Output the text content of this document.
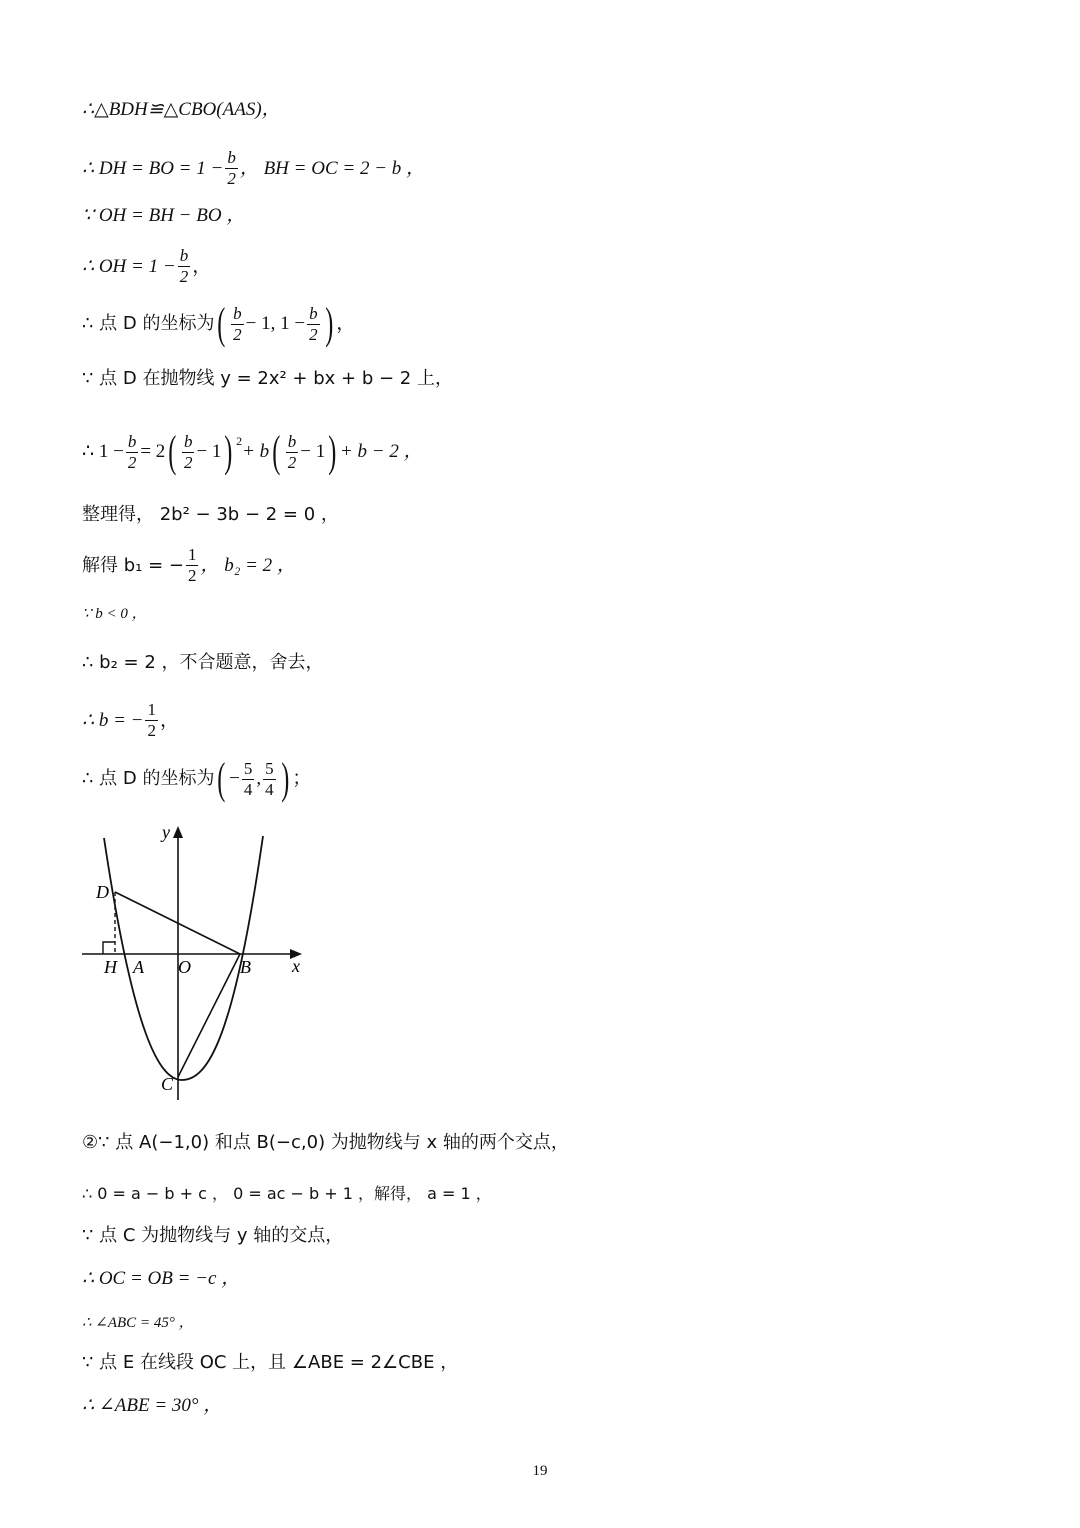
∴△BDH≌△CBO(AAS)，
∴ DH = BO = $1 - \frac{b}{2}$ ， BH = OC = 2 − b ，
∵ OH = BH − BO ，
∴ OH = $1 - \frac{b}{2}$ ，
∴ 点 D 的坐标为 ( $\frac{b}{2} - 1$, $1 - \frac{b}{2}$ ) ，
∵ 点 D 在抛物线 y = 2x² + bx + b − 2 上，
∴ $1 - \frac{b}{2} = 2$ ( $\frac{b}{2} - 1$ ) $^2$ + b ( $\frac{b}{2} - 1$ ) + b − 2 ，
整理得， 2b² − 3b − 2 = 0 ，
解得 b₁ = − $\frac{1}{2}$ ， b₂ = 2 ，
∵ b < 0 ，
∴ b₂ = 2 ，不合题意，舍去，
∴ b = − $\frac{1}{2}$ ，
∴ 点 D 的坐标为 ( − $\frac{5}{4}$ , $\frac{5}{4}$ ) ；
y
x
D
H A O	B
C
②∵ 点 A(−1,0) 和点 B(−c,0) 为抛物线与 x 轴的两个交点，
∴ 0 = a − b + c ， 0 = ac − b + 1 ，解得， a = 1 ，
∵ 点 C 为抛物线与 y 轴的交点，
∴ OC = OB = −c ，
∴ ∠ABC = 45° ，
∵ 点 E 在线段 OC 上，且 ∠ABE = 2∠CBE ，
∴ ∠ABE = 30° ，
19
